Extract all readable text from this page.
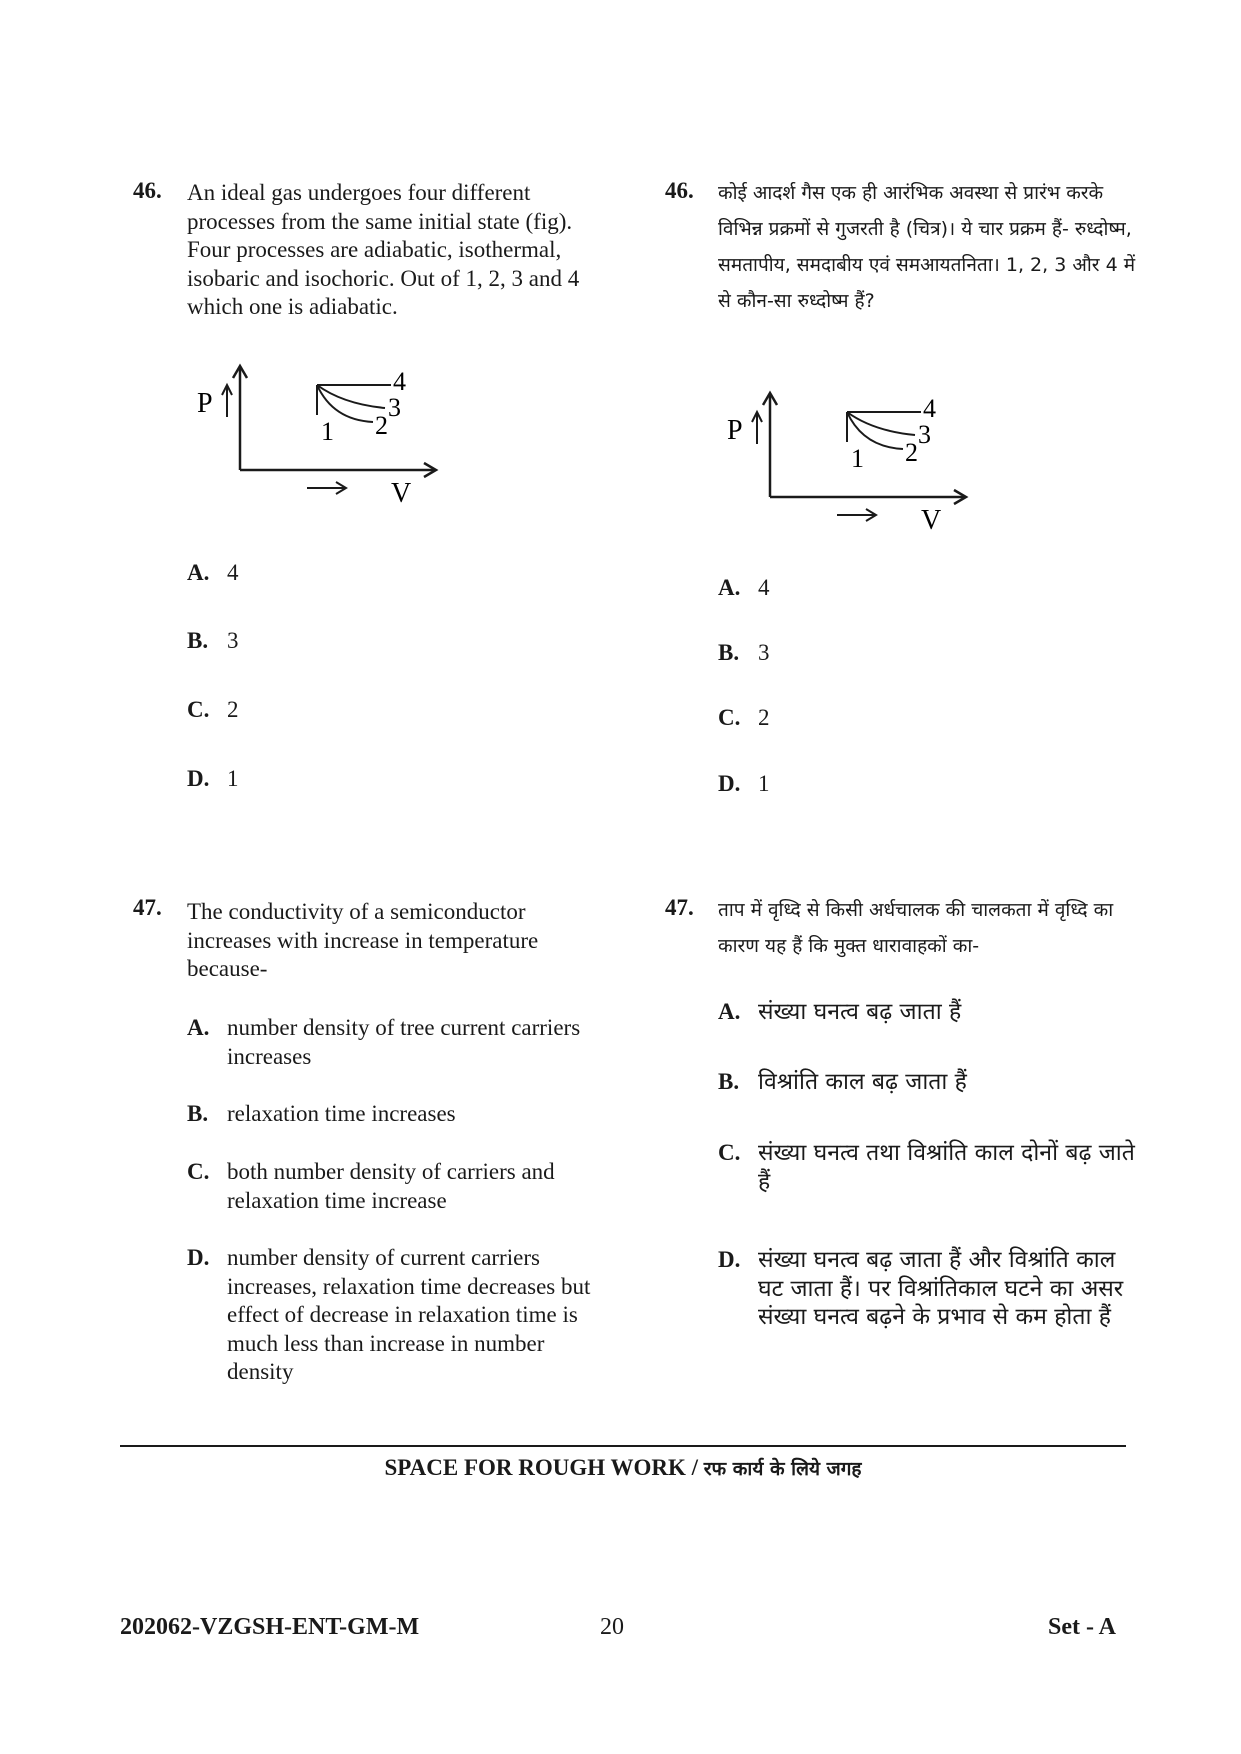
46. An ideal gas undergoes four different processes from the same initial state (fig). Four processes are adiabatic, isothermal, isobaric and isochoric. Out of 1, 2, 3 and 4 which one is adiabatic.
P
1 2
3
4
V
A. 4
B. 3
C. 2
D. 1
47. The conductivity of a semiconductor increases with increase in temperature because-
A. number density of tree current carriers increases
B. relaxation time increases
C. both number density of carriers and relaxation time increase
D. number density of current carriers increases, relaxation time decreases but effect of decrease in relaxation time is much less than increase in number density
46. कोई आदर्श गैस एक ही आरंभिक अवस्था से प्रारंभ करके विभिन्न प्रक्रमों से गुजरती है (चित्र)। ये चार प्रक्रम हैं- रुध्दोष्म, समतापीय, समदाबीय एवं समआयतनिता। 1, 2, 3 और 4 में से कौन-सा रुध्दोष्म हैं?
P
1 2
3
4
V
A. 4
B. 3
C. 2
D. 1
47. ताप में वृध्दि से किसी अर्धचालक की चालकता में वृध्दि का कारण यह हैं कि मुक्त धारावाहकों का-
A. संख्या घनत्व बढ़ जाता हैं
B. विश्रांति काल बढ़ जाता हैं
C. संख्या घनत्व तथा विश्रांति काल दोनों बढ़ जाते हैं
D. संख्या घनत्व बढ़ जाता हैं और विश्रांति काल घट जाता हैं। पर विश्रांतिकाल घटने का असर संख्या घनत्व बढ़ने के प्रभाव से कम होता हैं
SPACE FOR ROUGH WORK / रफ कार्य के लिये जगह
202062-VZGSH-ENT-GM-M	20	Set - A
